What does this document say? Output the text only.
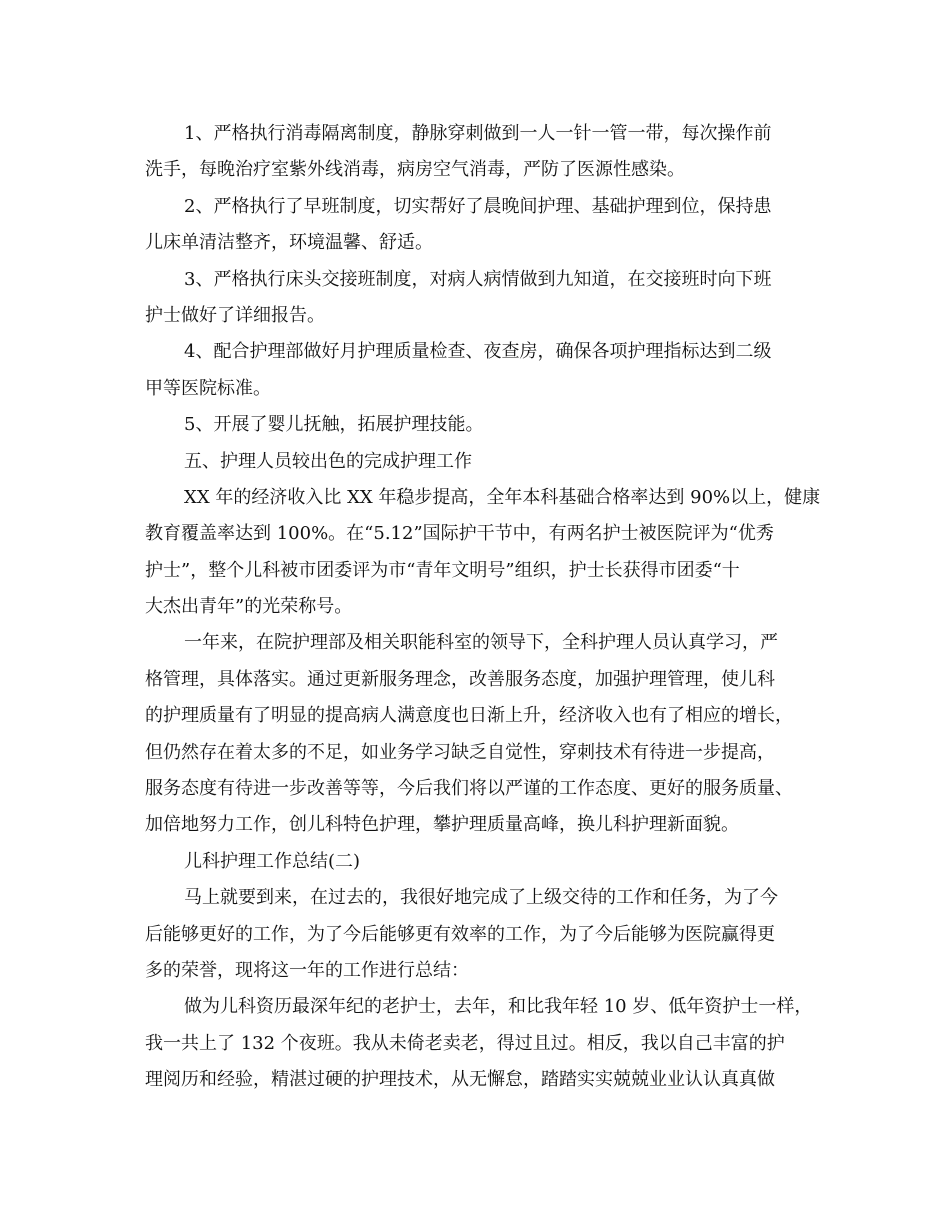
1、严格执行消毒隔离制度，静脉穿刺做到一人一针一管一带，每次操作前
洗手，每晚治疗室紫外线消毒，病房空气消毒，严防了医源性感染。
2、严格执行了早班制度，切实帮好了晨晚间护理、基础护理到位，保持患
儿床单清洁整齐，环境温馨、舒适。
3、严格执行床头交接班制度，对病人病情做到九知道，在交接班时向下班
护士做好了详细报告。
4、配合护理部做好月护理质量检查、夜查房，确保各项护理指标达到二级
甲等医院标准。
5、开展了婴儿抚触，拓展护理技能。
五、护理人员较出色的完成护理工作
XX 年的经济收入比 XX 年稳步提高，全年本科基础合格率达到 90%以上，健康
教育覆盖率达到 100%。在“5.12”国际护干节中，有两名护士被医院评为“优秀
护士”，整个儿科被市团委评为市“青年文明号”组织，护士长获得市团委“十
大杰出青年”的光荣称号。
一年来，在院护理部及相关职能科室的领导下，全科护理人员认真学习，严
格管理，具体落实。通过更新服务理念，改善服务态度，加强护理管理，使儿科
的护理质量有了明显的提高病人满意度也日渐上升，经济收入也有了相应的增长，
但仍然存在着太多的不足，如业务学习缺乏自觉性，穿刺技术有待进一步提高，
服务态度有待进一步改善等等，今后我们将以严谨的工作态度、更好的服务质量、
加倍地努力工作，创儿科特色护理，攀护理质量高峰，换儿科护理新面貌。
儿科护理工作总结(二)
马上就要到来，在过去的，我很好地完成了上级交待的工作和任务，为了今
后能够更好的工作，为了今后能够更有效率的工作，为了今后能够为医院赢得更
多的荣誉，现将这一年的工作进行总结：
做为儿科资历最深年纪的老护士，去年，和比我年轻 10 岁、低年资护士一样，
我一共上了 132 个夜班。我从未倚老卖老，得过且过。相反，我以自己丰富的护
理阅历和经验，精湛过硬的护理技术，从无懈怠，踏踏实实兢兢业业认认真真做
